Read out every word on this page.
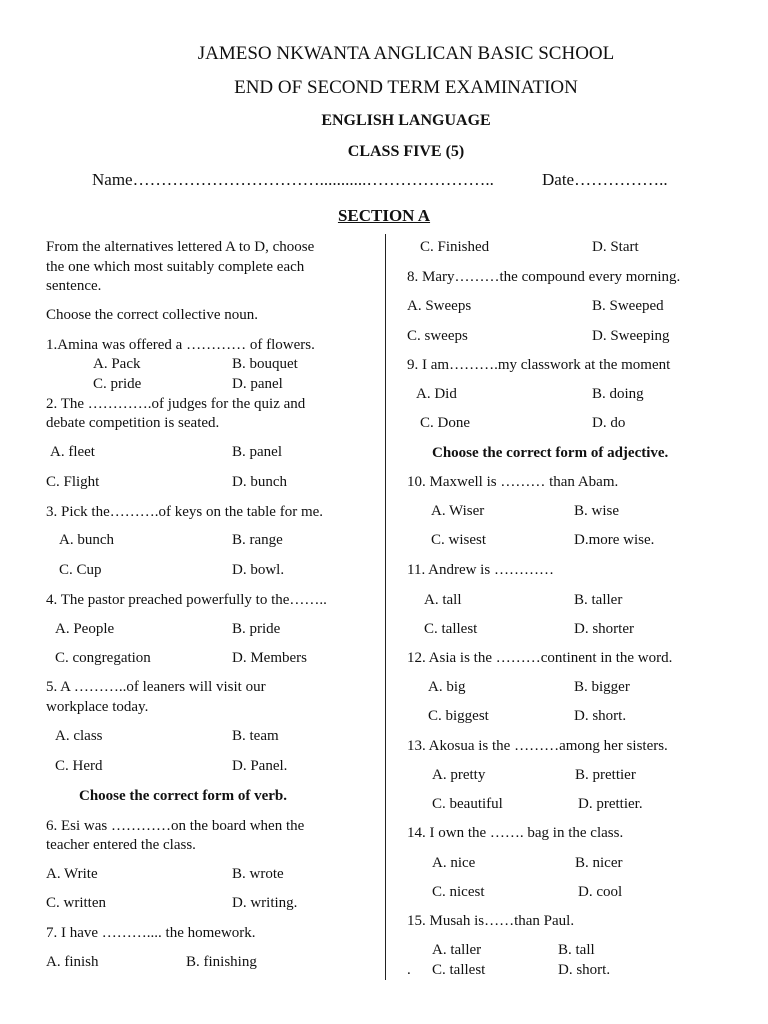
JAMESO NKWANTA ANGLICAN BASIC SCHOOL
END OF SECOND TERM EXAMINATION
ENGLISH LANGUAGE
CLASS FIVE (5)
Name……………………………...........…………………..	Date……………..
SECTION A
From the alternatives lettered A to D, choose
the one which most suitably complete each
sentence.
Choose the correct collective noun.
1.Amina was offered a ………… of flowers.
A. Pack	B. bouquet
C. pride	D. panel
2. The ………….of judges for the quiz and
debate competition is seated.
A. fleet	B. panel
C. Flight	D. bunch
3. Pick the……….of keys on the table for me.
A. bunch	B. range
C. Cup	D. bowl.
4. The pastor preached powerfully to the……..
A. People	B. pride
C. congregation	D. Members
5. A ………..of leaners will visit our
workplace today.
A. class	B. team
C. Herd	D. Panel.
Choose the correct form of verb.
6. Esi was …………on the board when the
teacher entered the class.
A. Write	B. wrote
C. written	D. writing.
7. I have ……….... the homework.
A. finish	B. finishing
C. Finished	D. Start
8. Mary………the compound every morning.
A. Sweeps	B. Sweeped
C. sweeps	D. Sweeping
9. I am……….my classwork at the moment
A. Did	B. doing
C. Done	D. do
Choose the correct form of adjective.
10. Maxwell is ……… than Abam.
A. Wiser	B. wise
C. wisest	D.more wise.
11. Andrew is …………
A. tall	B. taller
C. tallest	D. shorter
12. Asia is the ………continent in the word.
A. big	B. bigger
C. biggest	D. short.
13. Akosua is the ………among her sisters.
A. pretty	B. prettier
C. beautiful	D. prettier.
14. I own the ……. bag in the class.
A. nice	B. nicer
C. nicest	D. cool
15. Musah is……than Paul.
A. taller	B. tall
. C. tallest	D. short.
